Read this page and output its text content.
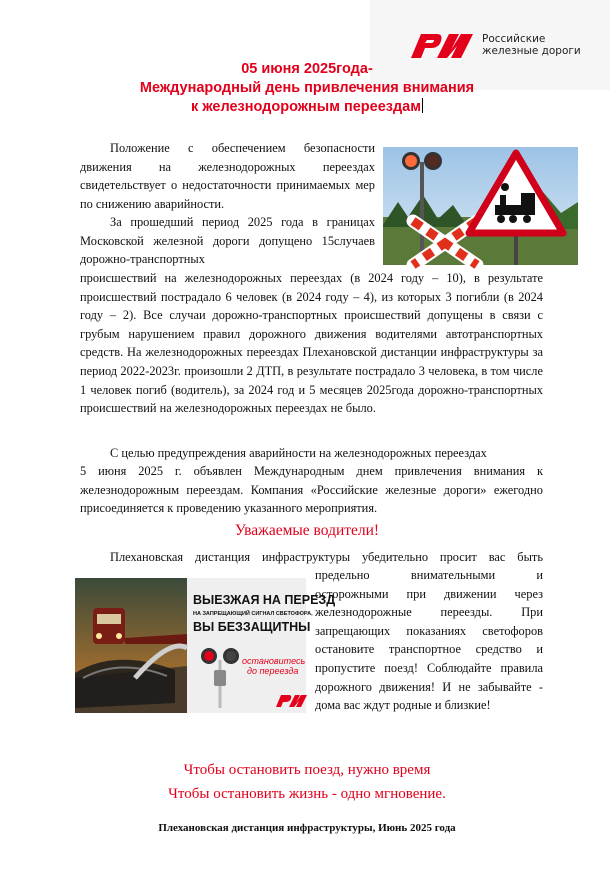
Российские
железные дороги
05 июня 2025года-
Международный день привлечения внимания
к железнодорожным переездам
Положение с обеспечением безопасности движения на железнодорожных переездах свидетельствует о недостаточности принимаемых мер по снижению аварийности.
За прошедший период 2025 года в границах Московской железной дороги допущено 15случаев дорожно-транспортных
происшествий на железнодорожных переездах (в 2024 году – 10), в результате происшествий пострадало 6 человек (в 2024 году – 4), из которых 3 погибли (в 2024 году – 2). Все случаи дорожно-транспортных происшествий допущены в связи с грубым нарушением правил дорожного движения водителями автотранспортных средств. На железнодорожных переездах Плехановской дистанции инфраструктуры за период 2022-2023г. произошли 2 ДТП, в результате пострадало 3 человека, в том числе 1 человек погиб (водитель), за 2024 год и 5 месяцев 2025года дорожно-транспортных происшествий на железнодорожных переездах не было.
С целью предупреждения аварийности на железнодорожных переездах
5 июня 2025 г. объявлен Международным днем привлечения внимания к железнодорожным переездам. Компания «Российские железные дороги» ежегодно присоединяется к проведению указанного мероприятия.
Уважаемые водители!
Плехановская дистанция инфраструктуры убедительно просит вас быть
предельно внимательными и осторожными при движении через железнодорожные переезды. При запрещающих показаниях светофоров остановите транспортное средство и пропустите поезд! Соблюдайте правила дорожного движения! И не забывайте - дома вас ждут родные и близкие!
ВЫЕЗЖАЯ НА ПЕРЕЗД
НА ЗАПРЕЩАЮЩИЙ СИГНАЛ СВЕТОФОРА,
ВЫ БЕЗЗАЩИТНЫ
остановитесь
до переезда
Чтобы остановить поезд, нужно время
Чтобы остановить жизнь - одно мгновение.
Плехановская дистанция инфраструктуры, Июнь 2025 года
